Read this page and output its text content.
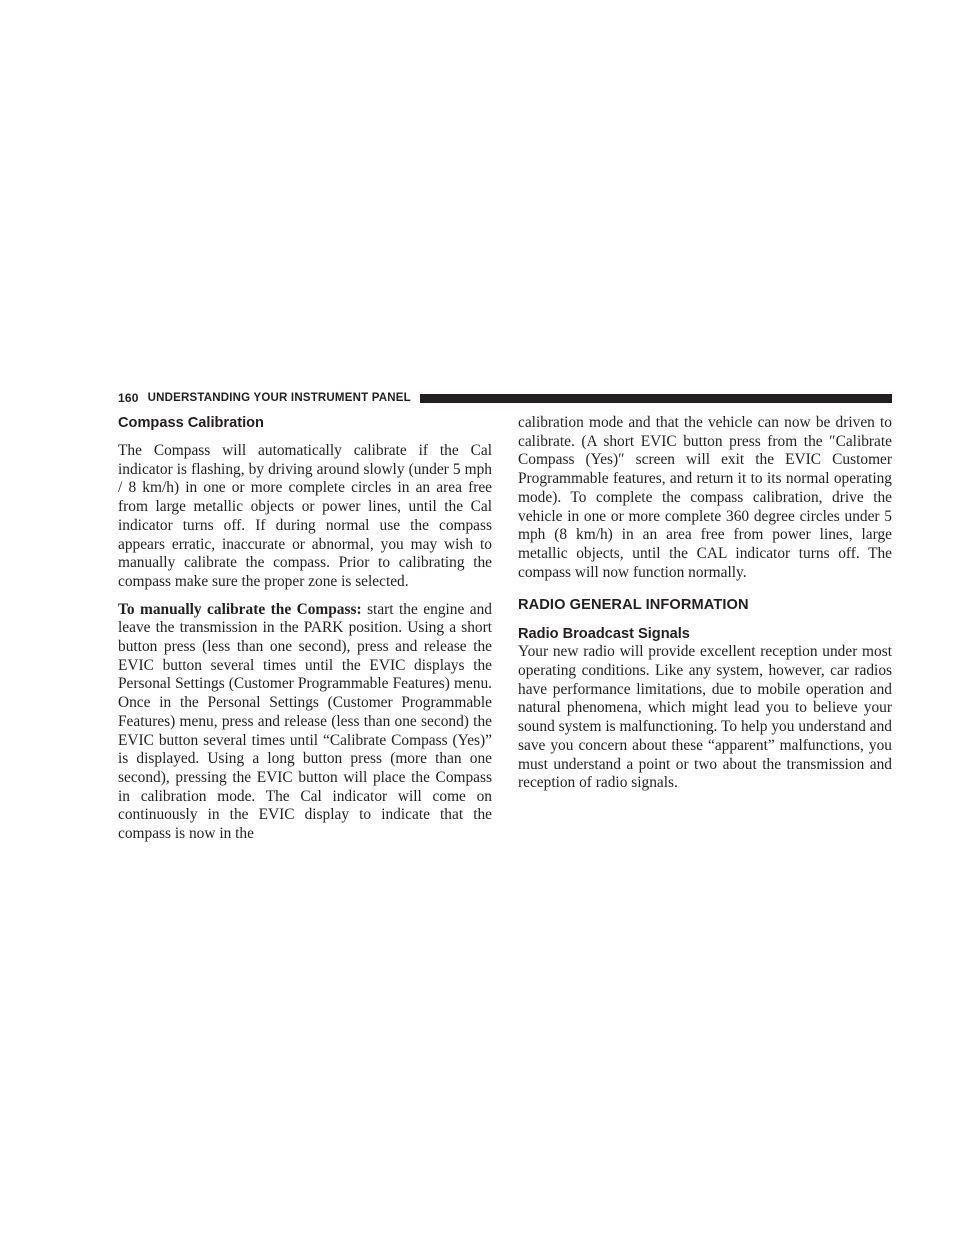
160 UNDERSTANDING YOUR INSTRUMENT PANEL
Compass Calibration

The Compass will automatically calibrate if the Cal indicator is flashing, by driving around slowly (under 5 mph / 8 km/h) in one or more complete circles in an area free from large metallic objects or power lines, until the Cal indicator turns off. If during normal use the compass appears erratic, inaccurate or abnormal, you may wish to manually calibrate the compass. Prior to calibrating the compass make sure the proper zone is selected.

To manually calibrate the Compass: start the engine and leave the transmission in the PARK position. Using a short button press (less than one second), press and release the EVIC button several times until the EVIC displays the Personal Settings (Customer Programmable Features) menu. Once in the Personal Settings (Customer Programmable Features) menu, press and release (less than one second) the EVIC button several times until “Calibrate Compass (Yes)” is displayed. Using a long button press (more than one second), pressing the EVIC button will place the Compass in calibration mode. The Cal indicator will come on continuously in the EVIC display to indicate that the compass is now in the

calibration mode and that the vehicle can now be driven to calibrate. (A short EVIC button press from the ″Calibrate Compass (Yes)″ screen will exit the EVIC Customer Programmable features, and return it to its normal operating mode). To complete the compass calibration, drive the vehicle in one or more complete 360 degree circles under 5 mph (8 km/h) in an area free from power lines, large metallic objects, until the CAL indicator turns off. The compass will now function normally.

RADIO GENERAL INFORMATION
Radio Broadcast Signals

Your new radio will provide excellent reception under most operating conditions. Like any system, however, car radios have performance limitations, due to mobile operation and natural phenomena, which might lead you to believe your sound system is malfunctioning. To help you understand and save you concern about these “apparent” malfunctions, you must understand a point or two about the transmission and reception of radio signals.
